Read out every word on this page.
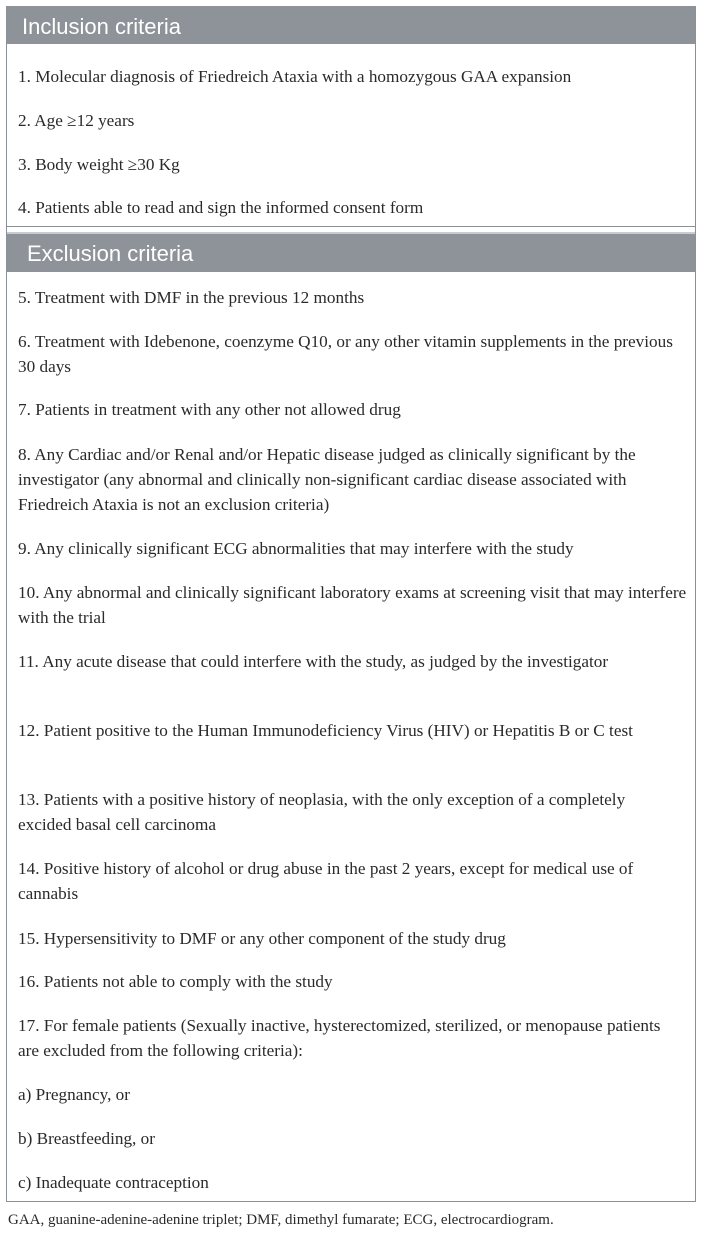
Inclusion criteria

1. Molecular diagnosis of Friedreich Ataxia with a homozygous GAA expansion

2. Age ≥12 years

3. Body weight ≥30 Kg

4. Patients able to read and sign the informed consent form

Exclusion criteria

5. Treatment with DMF in the previous 12 months

6. Treatment with Idebenone, coenzyme Q10, or any other vitamin supplements in the previous 30 days

7. Patients in treatment with any other not allowed drug

8. Any Cardiac and/or Renal and/or Hepatic disease judged as clinically significant by the investigator (any abnormal and clinically non-significant cardiac disease associated with Friedreich Ataxia is not an exclusion criteria)

9. Any clinically significant ECG abnormalities that may interfere with the study

10. Any abnormal and clinically significant laboratory exams at screening visit that may interfere with the trial

11. Any acute disease that could interfere with the study, as judged by the investigator

12. Patient positive to the Human Immunodeficiency Virus (HIV) or Hepatitis B or C test

13. Patients with a positive history of neoplasia, with the only exception of a completely excided basal cell carcinoma

14. Positive history of alcohol or drug abuse in the past 2 years, except for medical use of cannabis

15. Hypersensitivity to DMF or any other component of the study drug

16. Patients not able to comply with the study

17. For female patients (Sexually inactive, hysterectomized, sterilized, or menopause patients are excluded from the following criteria):

a) Pregnancy, or

b) Breastfeeding, or

c) Inadequate contraception

GAA, guanine-adenine-adenine triplet; DMF, dimethyl fumarate; ECG, electrocardiogram.
